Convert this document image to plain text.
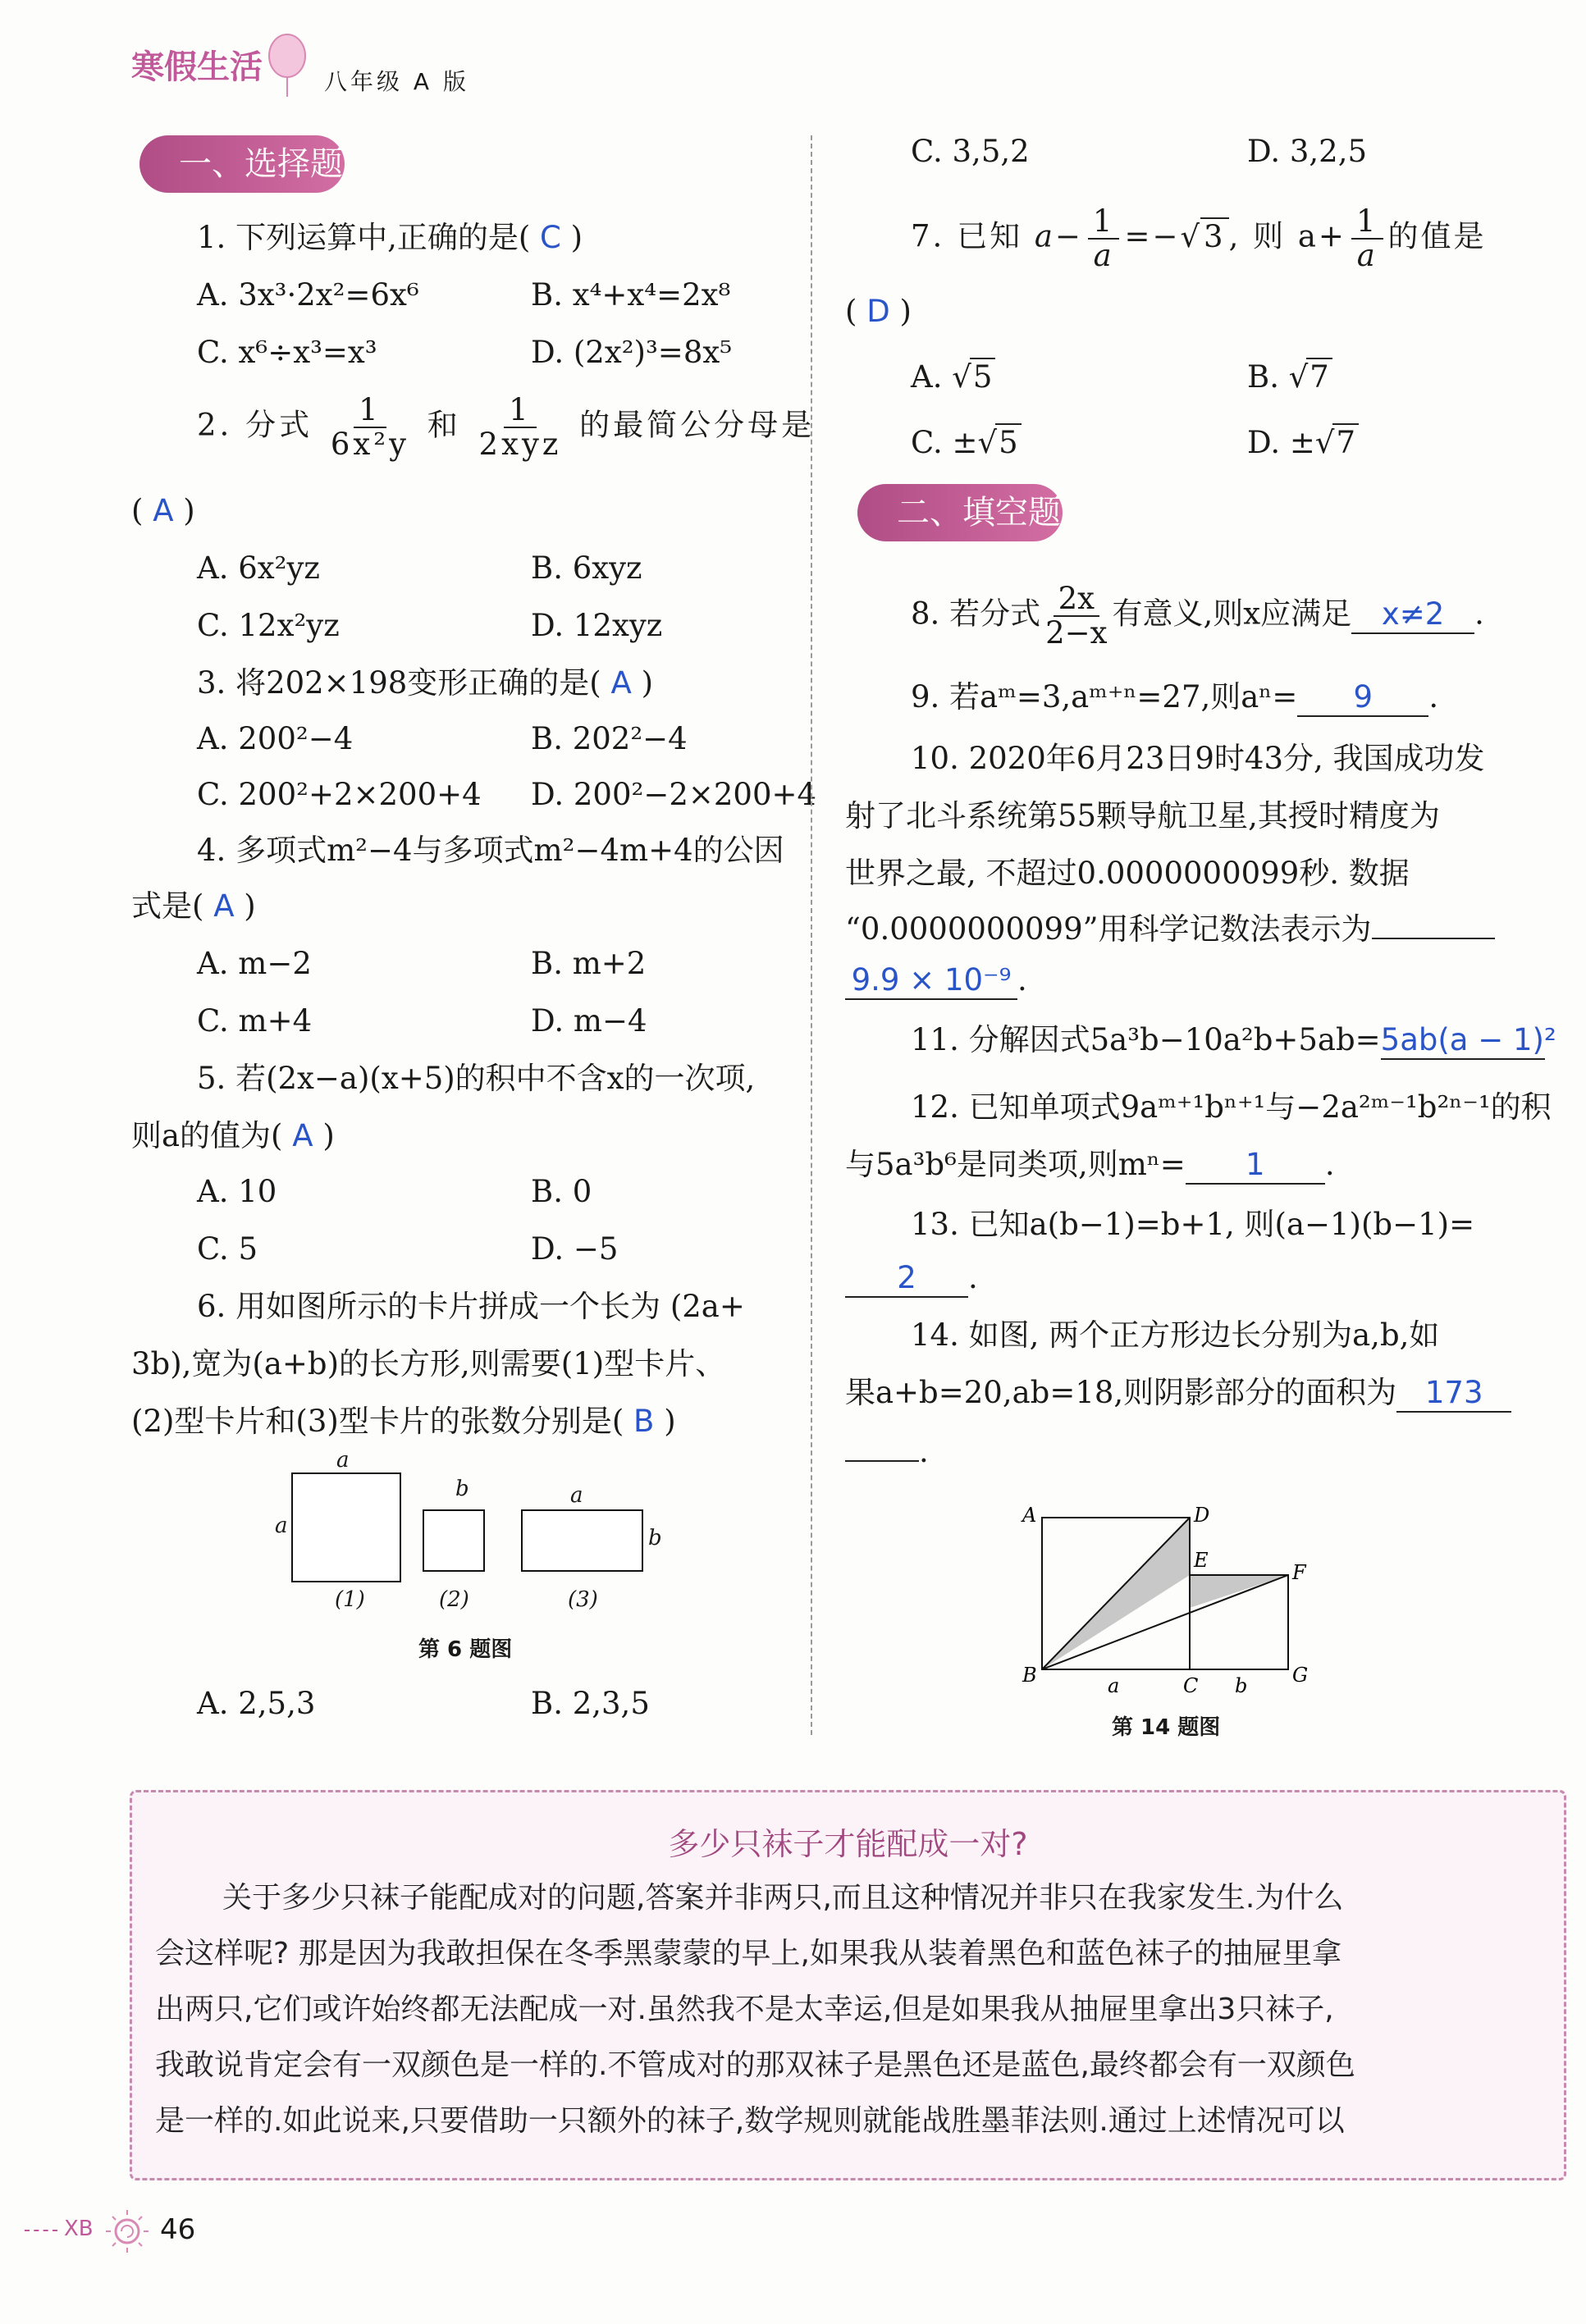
寒假生活	八年级 A 版
一、选择题
1. 下列运算中,正确的是( C )
A. 3x³·2x²=6x⁶	B. x⁴+x⁴=2x⁸
C. x⁶÷x³=x³	D. (2x²)³=8x⁵
2. 分式 $\frac{1}{\text{6x²y}}$ 和 $\frac{1}{\text{2xyz}}$ 的最简公分母是
( A )
A. 6x²yz	B. 6xyz
C. 12x²yz	D. 12xyz
3. 将202×198变形正确的是( A )
A. 200²−4	B. 202²−4
C. 200²+2×200+4 D. 200²−2×200+4
4. 多项式m²−4与多项式m²−4m+4的公因
式是( A )
A. m−2	B. m+2
C. m+4	D. m−4
5. 若(2x−a)(x+5)的积中不含x的一次项,
则a的值为( A )
A. 10	B. 0
C. 5	D. −5
6. 用如图所示的卡片拼成一个长为 (2a+
3b),宽为(a+b)的长方形,则需要(1)型卡片、
(2)型卡片和(3)型卡片的张数分别是( B )
a
a
(1)
b
(2)
a
b
(3)
第 6 题图
A. 2,5,3	B. 2,3,5
C. 3,5,2	D. 3,2,5
7. 已知 $a- \frac{1}{a} =-√3$ , 则 $a+ \frac{1}{a}$ 的值是
( D )
A. √5	B. √7
C. ±√5	D. ±√7
二、填空题
8. 若分式 $\frac{2x}{2-x}$ 有意义,则x应满足 x≠2 .
9. 若aᵐ=3,aᵐ⁺ⁿ=27,则aⁿ= 9 .
10. 2020年6月23日9时43分, 我国成功发
射了北斗系统第55颗导航卫星,其授时精度为
世界之最, 不超过0.0000000099秒. 数据
“0.0000000099”用科学记数法表示为
9.9 × 10⁻⁹ .
11. 分解因式5a³b−10a²b+5ab=5ab(a − 1)²
12. 已知单项式9aᵐ⁺¹bⁿ⁺¹与−2a²ᵐ⁻¹b²ⁿ⁻¹的积
与5a³b⁶是同类项,则mⁿ= 1 .
13. 已知a(b−1)=b+1, 则(a−1)(b−1)=
2 .
14. 如图, 两个正方形边长分别为a,b,如
果a+b=20,ab=18,则阴影部分的面积为 173
.
A	D
E
F
B	C	G
a	b
第 14 题图
多少只袜子才能配成一对?
关于多少只袜子能配成对的问题,答案并非两只,而且这种情况并非只在我家发生.为什么
会这样呢? 那是因为我敢担保在冬季黑蒙蒙的早上,如果我从装着黑色和蓝色袜子的抽屉里拿
出两只,它们或许始终都无法配成一对.虽然我不是太幸运,但是如果我从抽屉里拿出3只袜子,
我敢说肯定会有一双颜色是一样的.不管成对的那双袜子是黑色还是蓝色,最终都会有一双颜色
是一样的.如此说来,只要借助一只额外的袜子,数学规则就能战胜墨菲法则.通过上述情况可以
XB 46
